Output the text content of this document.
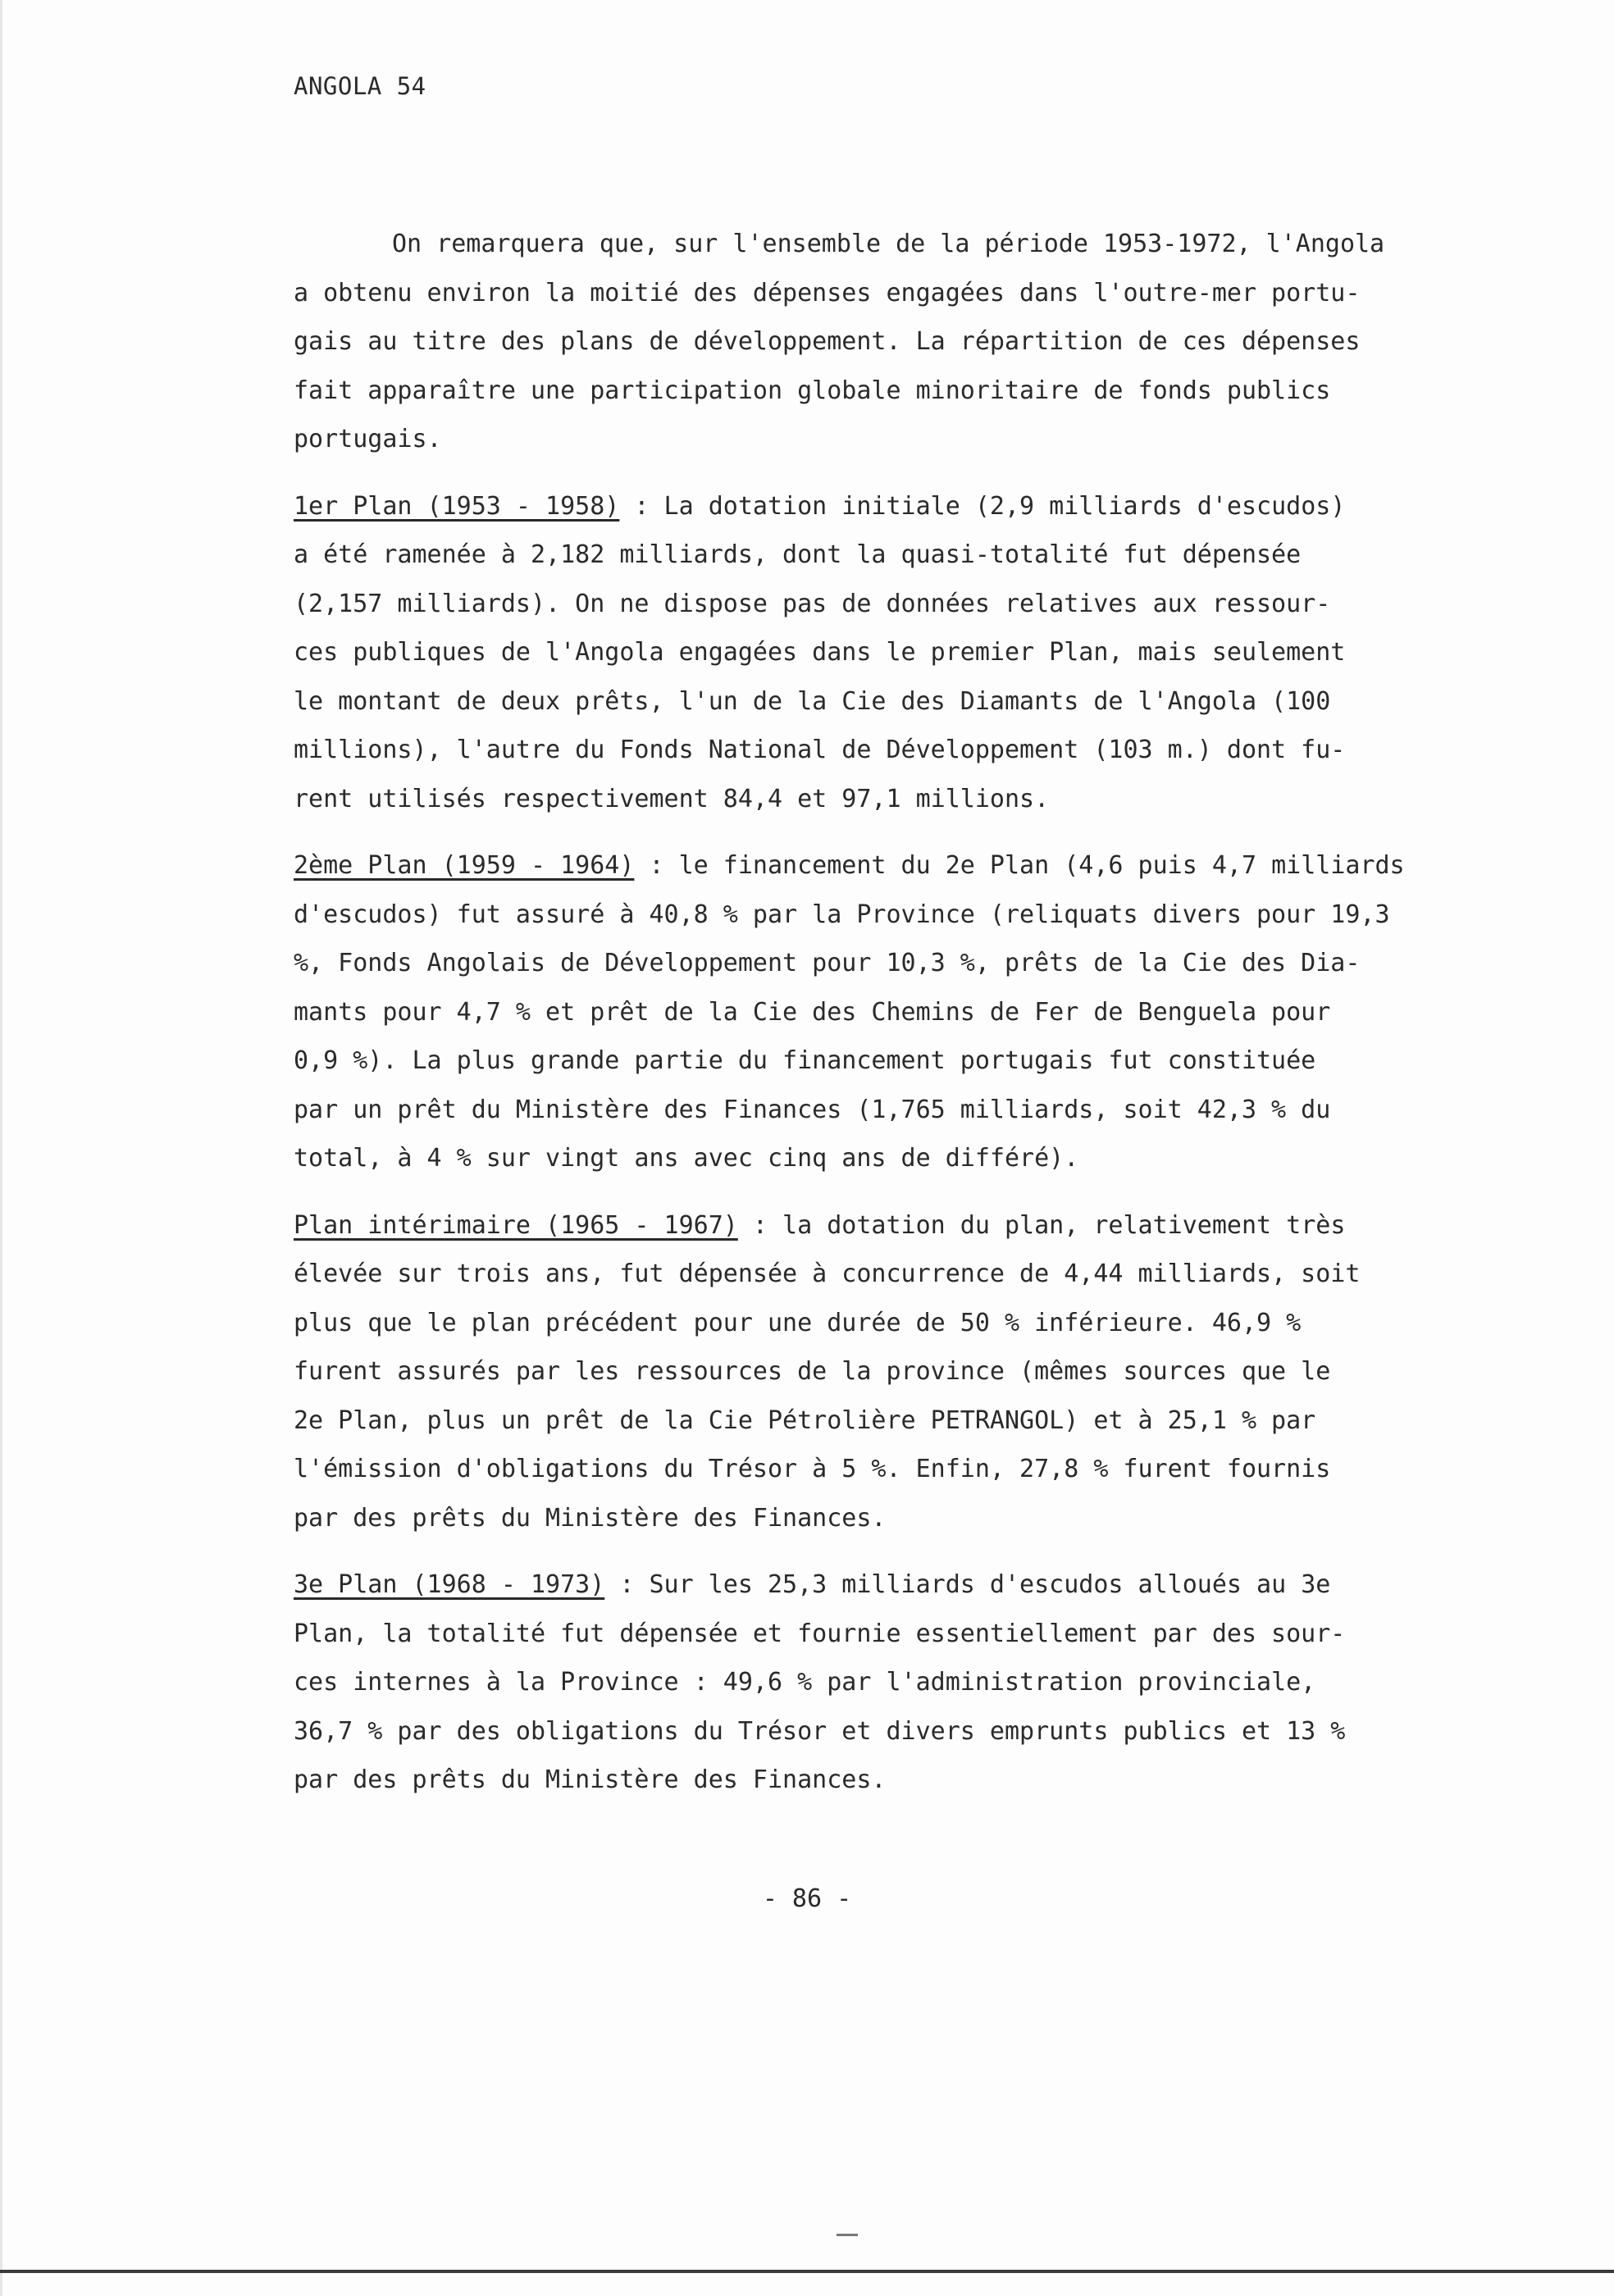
ANGOLA 54

On remarquera que, sur l'ensemble de la période 1953-1972, l'Angola
a obtenu environ la moitié des dépenses engagées dans l'outre-mer portu-
gais au titre des plans de développement. La répartition de ces dépenses
fait apparaître une participation globale minoritaire de fonds publics
portugais.

1er Plan (1953 - 1958) : La dotation initiale (2,9 milliards d'escudos)
a été ramenée à 2,182 milliards, dont la quasi-totalité fut dépensée
(2,157 milliards). On ne dispose pas de données relatives aux ressour-
ces publiques de l'Angola engagées dans le premier Plan, mais seulement
le montant de deux prêts, l'un de la Cie des Diamants de l'Angola (100
millions), l'autre du Fonds National de Développement (103 m.) dont fu-
rent utilisés respectivement 84,4 et 97,1 millions.

2ème Plan (1959 - 1964) : le financement du 2e Plan (4,6 puis 4,7 milliards
d'escudos) fut assuré à 40,8 % par la Province (reliquats divers pour 19,3
%, Fonds Angolais de Développement pour 10,3 %, prêts de la Cie des Dia-
mants pour 4,7 % et prêt de la Cie des Chemins de Fer de Benguela pour
0,9 %). La plus grande partie du financement portugais fut constituée
par un prêt du Ministère des Finances (1,765 milliards, soit 42,3 % du
total, à 4 % sur vingt ans avec cinq ans de différé).

Plan intérimaire (1965 - 1967) : la dotation du plan, relativement très
élevée sur trois ans, fut dépensée à concurrence de 4,44 milliards, soit
plus que le plan précédent pour une durée de 50 % inférieure. 46,9 %
furent assurés par les ressources de la province (mêmes sources que le
2e Plan, plus un prêt de la Cie Pétrolière PETRANGOL) et à 25,1 % par
l'émission d'obligations du Trésor à 5 %. Enfin, 27,8 % furent fournis
par des prêts du Ministère des Finances.

3e Plan (1968 - 1973) : Sur les 25,3 milliards d'escudos alloués au 3e
Plan, la totalité fut dépensée et fournie essentiellement par des sour-
ces internes à la Province : 49,6 % par l'administration provinciale,
36,7 % par des obligations du Trésor et divers emprunts publics et 13 %
par des prêts du Ministère des Finances.

- 86 -
